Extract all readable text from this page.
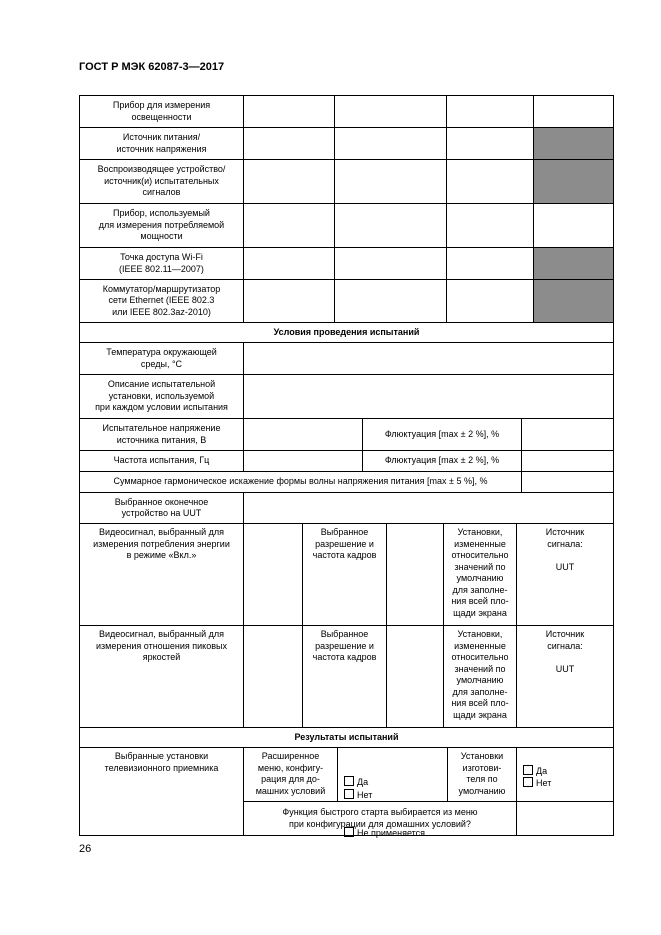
ГОСТ Р МЭК 62087-3—2017
Прибор для измерения
освещенности
Источник питания/
источник напряжения
Воспроизводящее устройство/
источник(и) испытательных
сигналов
Прибор, используемый
для измерения потребляемой
мощности
Точка доступа Wi-Fi
(IEEE 802.11—2007)
Коммутатор/маршрутизатор
сети Ethernet (IEEE 802.3
или IEEE 802.3az-2010)
Условия проведения испытаний
Температура окружающей
среды, °C
Описание испытательной
установки, используемой
при каждом условии испытания
Испытательное напряжение
источника питания, В
Флюктуация [max ± 2 %], %
Частота испытания, Гц	Флюктуация [max ± 2 %], %
Суммарное гармоническое искажение формы волны напряжения питания [max ± 5 %], %
Выбранное оконечное
устройство на UUT
Видеосигнал, выбранный для
измерения потребления энергии
в режиме «Вкл.»
Выбранное
разрешение и
частота кадров
Установки,
измененные
относительно
значений по
умолчанию
для заполне-
ния всей пло-
щади экрана
Источник
сигнала:

UUT
Видеосигнал, выбранный для
измерения отношения пиковых
яркостей
Выбранное
разрешение и
частота кадров
Установки,
измененные
относительно
значений по
умолчанию
для заполне-
ния всей пло-
щади экрана
Источник
сигнала:

UUT
Результаты испытаний
Выбранные установки
телевизионного приемника
Расширенное
меню, конфигу-
рация для до-
машних условий

Да
Нет

Не применяется

Установки
изготови-
теля по
умолчанию

Да
Нет

Функция быстрого старта выбирается из меню
при конфигурации для домашних условий?
26
